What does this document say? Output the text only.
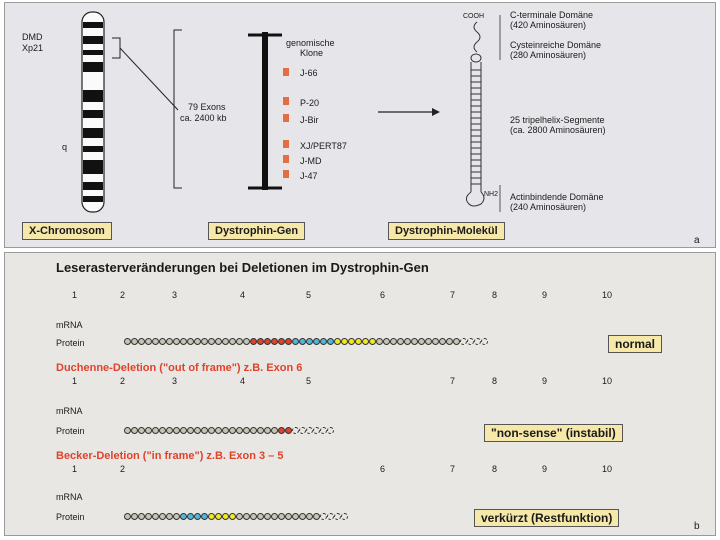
DMD
Xp21
q
79 Exons
ca. 2400 kb
genomische
Klone
J-66
P-20
J-Bir
XJ/PERT87
J-MD
J-47
COOH
NH2
C-terminale Domäne
(420 Aminosäuren)
Cysteinreiche Domäne
(280 Aminosäuren)
25 tripelhelix-Segmente
(ca. 2800 Aminosäuren)
Actinbindende Domäne
(240 Aminosäuren)
X-Chromosom	Dystrophin-Gen	Dystrophin-Molekül
a
Leserasterveränderungen bei Deletionen im Dystrophin-Gen
1	2	3	4	5	6	7	8	9	10
mRNA
Protein	normal
Duchenne-Deletion ("out of frame") z.B. Exon 6
1	2	3	4	5	7	8	9	10
mRNA
Protein	"non-sense" (instabil)
Becker-Deletion ("in frame") z.B. Exon 3 – 5
1	2	6	7	8	9	10
mRNA
Protein	verkürzt (Restfunktion)
b
